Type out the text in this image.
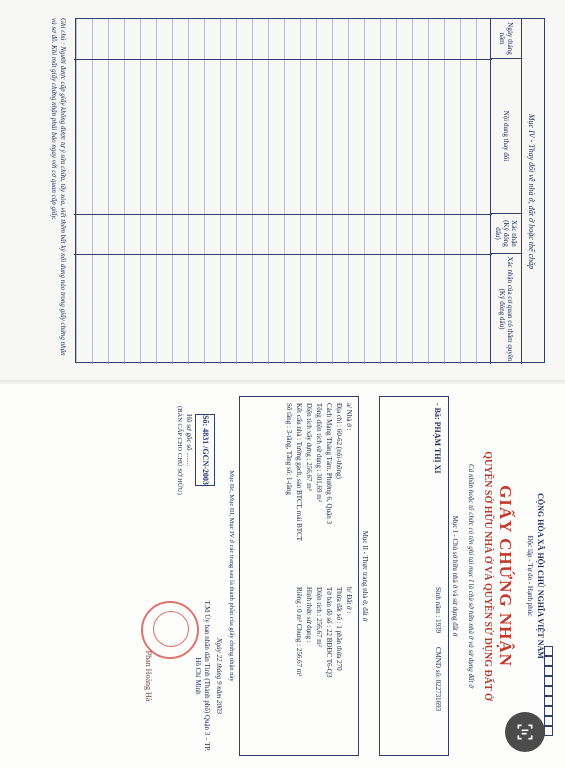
Mục IV - Thay đổi về nhà ở, đất ở hoặc thế chấp
Ngày tháng năm
Nội dung thay đổi
Xác nhận (Ký đóng dấu)
Xác nhận của cơ quan có thẩm quyền (Ký đóng dấu)
Ghi chú : Người được cấp giấy không được tự ý sửa chữa, tẩy xóa, viết thêm bất kỳ nội dung nào trong giấy chứng nhận và sơ đồ. Khi mất giấy chứng nhận phải báo ngay với cơ quan cấp giấy.
CỘNG HÒA XÃ HỘI CHỦ NGHĨA VIỆT NAM
Độc lập - Tự do - Hạnh phúc
GIẤY CHỨNG NHẬN
QUYỀN SỞ HỮU NHÀ Ở VÀ QUYỀN SỬ DỤNG ĐẤT Ở
Cá nhân hoặc tổ chức có tên ghi tại mục I là chủ sở hữu nhà ở và sử dụng đất ở
Mục I - Chủ sở hữu nhà ở và sử dụng đất ở
- Bà: PHẠM THỊ XI
Sinh năm : 1939
CMND số: 022731693
Mục II - Thực trạng nhà ở, đất ở
a/ Nhà ở :
Địa chỉ : 60-62 (nội-thông)
Cách Mạng Tháng Tám, Phường 6, Quận 3
Tổng diện tích sử dụng : 301,69 m²
Diện tích xây dựng : 256,67 m²
Kết cấu nhà : Tường gạch, sàn BTCT, mái BTCT
Số tầng : 3-tầng, Tầng số: 1-tầng
b/ Đất ở :
Thửa đất số : 1 phần thửa 270
Tờ bản đồ số : 22 BĐĐC T6-Q3
Diện tích : 256,67 m²
Hình thức sử dụng :
Riêng : 0 m² Chung : 256,67 m²
Mục IIc, Mục III, Mục IV ở các trang sau là thành phần của giấy chứng nhận này
Số: 4831 /GCN-2003
Hồ sơ gốc số ........
(BẢN CẤP CHO CHỦ SỞ HỮU)
Ngày 22 tháng 9 năm 2003
T.M Ủy ban nhân dân Tỉnh (Thành phố) Quận 3 – TP. Hồ Chí Minh
Phan Hoàng Hà
